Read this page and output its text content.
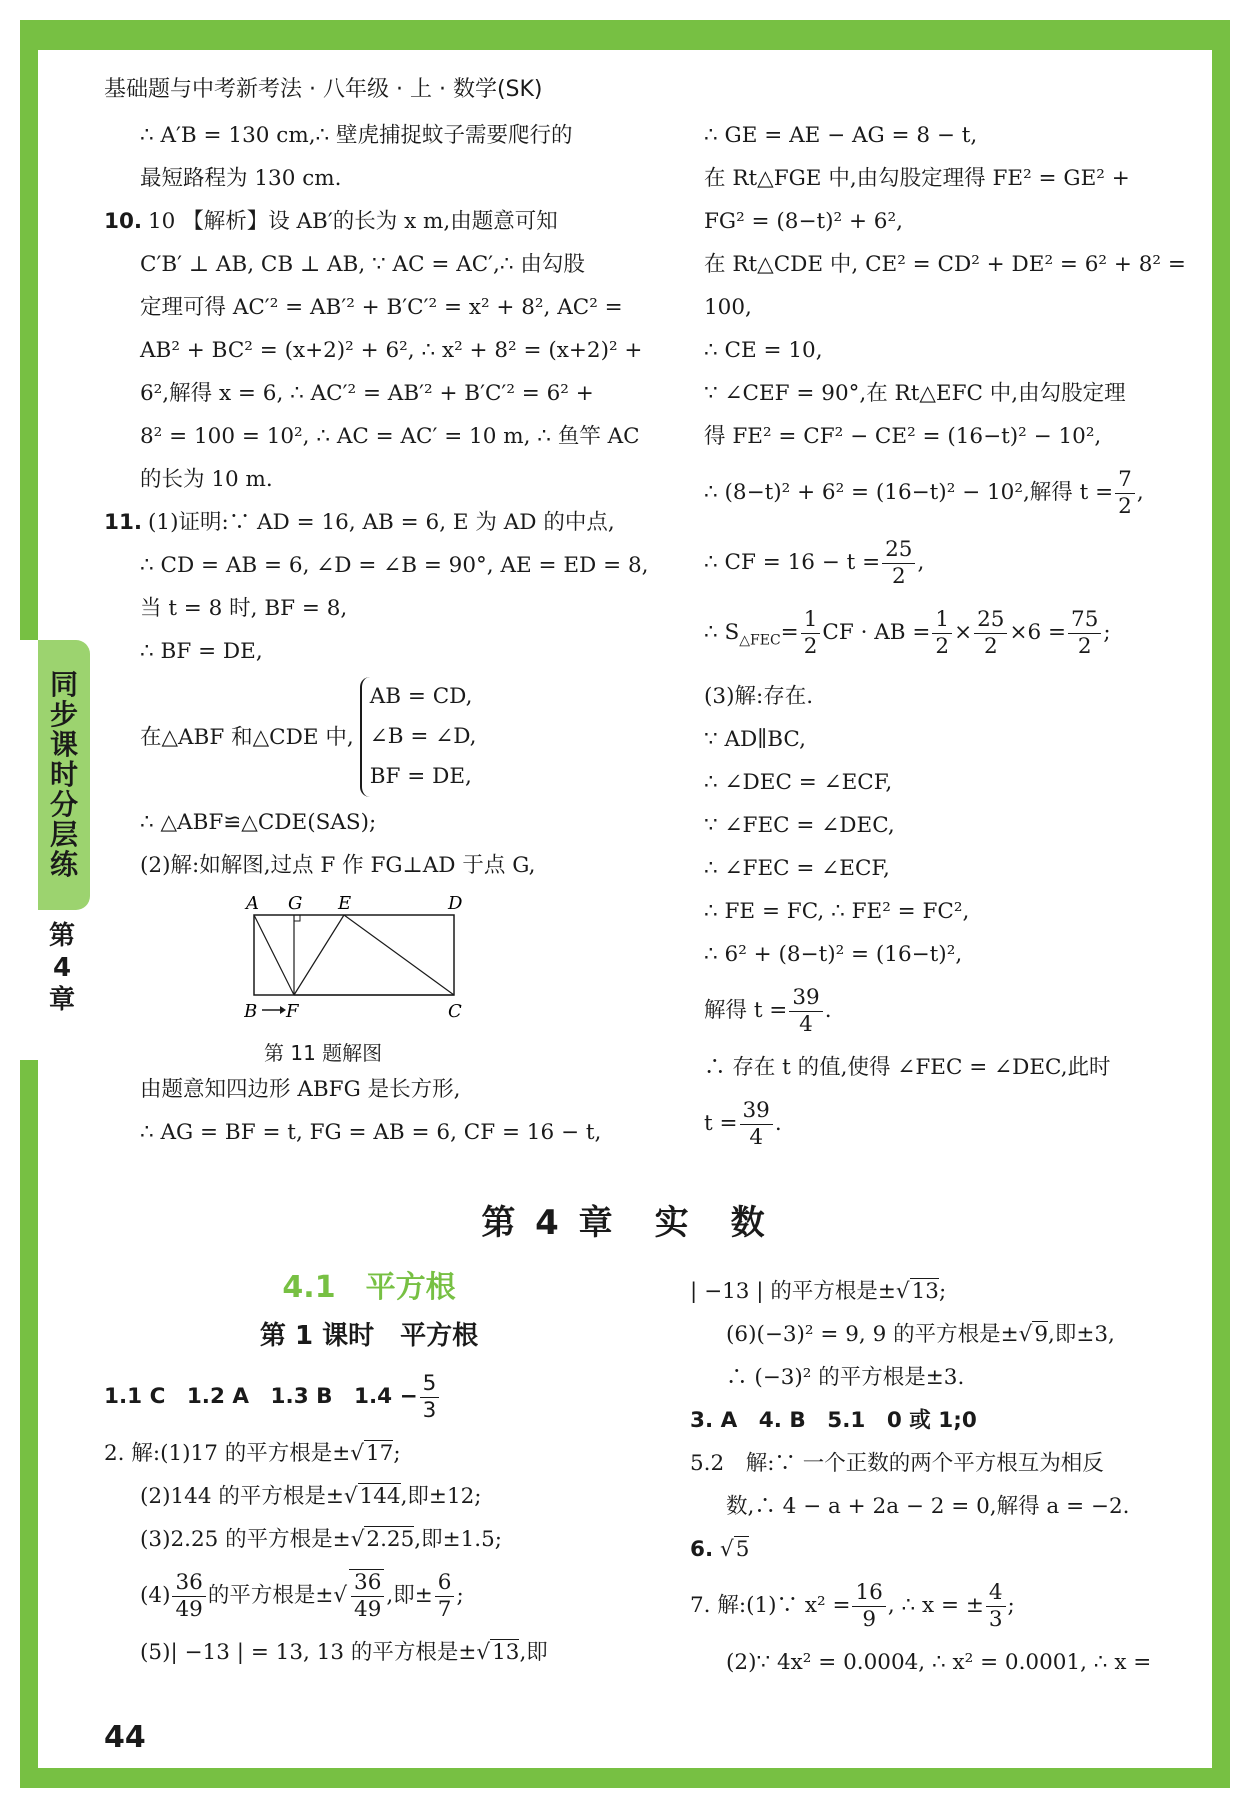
同
步
课
时
分
层
练
第
4
章
基础题与中考新考法 · 八年级 · 上 · 数学(SK)
∴ A′B = 130 cm,∴ 壁虎捕捉蚊子需要爬行的
最短路程为 130 cm.
10. 10 【解析】设 AB′的长为 x m,由题意可知
C′B′ ⊥ AB, CB ⊥ AB, ∵ AC = AC′,∴ 由勾股
定理可得 AC′² = AB′² + B′C′² = x² + 8², AC² =
AB² + BC² = (x+2)² + 6², ∴ x² + 8² = (x+2)² +
6²,解得 x = 6, ∴ AC′² = AB′² + B′C′² = 6² +
8² = 100 = 10², ∴ AC = AC′ = 10 m, ∴ 鱼竿 AC
的长为 10 m.
11. (1)证明:∵ AD = 16, AB = 6, E 为 AD 的中点,
∴ CD = AB = 6, ∠D = ∠B = 90°, AE = ED = 8,
当 t = 8 时, BF = 8,
∴ BF = DE,
在△ABF 和△CDE 中,
AB = CD,
∠B = ∠D,
BF = DE,
∴ △ABF≌△CDE(SAS);
(2)解:如解图,过点 F 作 FG⊥AD 于点 G,
A G E	D
B F	C
第 11 题解图
由题意知四边形 ABFG 是长方形,
∴ AG = BF = t, FG = AB = 6, CF = 16 − t,
∴ GE = AE − AG = 8 − t,
在 Rt△FGE 中,由勾股定理得 FE² = GE² +
FG² = (8−t)² + 6²,
在 Rt△CDE 中, CE² = CD² + DE² = 6² + 8² =
100,
∴ CE = 10,
∵ ∠CEF = 90°,在 Rt△EFC 中,由勾股定理
得 FE² = CF² − CE² = (16−t)² − 10²,
∴ (8−t)² + 6² = (16−t)² − 10²,解得 $t = \frac{7}{2}$ ,
∴ CF = $16 - t = \frac{25}{2}$ ,
∴ $S_{\triangle FEC}= \frac{1}{2}$ CF · AB = $\frac{1}{2} \times \frac{25}{2} \times 6 = \frac{75}{2}$ ;
(3)解:存在.
∵ AD∥BC,
∴ ∠DEC = ∠ECF,
∵ ∠FEC = ∠DEC,
∴ ∠FEC = ∠ECF,
∴ FE = FC, ∴ FE² = FC²,
∴ 6² + (8−t)² = (16−t)²,
解得 $t = \frac{39}{4}$ .
∴ 存在 t 的值,使得 ∠FEC = ∠DEC,此时
$t = \frac{39}{4}$ .
第 4 章　实　数
4.1　平方根
第 1 课时　平方根
1.1 C　1.2 A　1.3 B　$1.4 - \frac{5}{3}$
2. 解:(1)17 的平方根是±√17;
(2)144 的平方根是±√144,即±12;
(3)2.25 的平方根是±√2.25,即±1.5;
$(4) \frac{36}{49}$ 的平方根是±√ $\frac{36}{49}$ ,即± $\frac{6}{7}$ ;
(5)| −13 | = 13, 13 的平方根是±√13,即
| −13 | 的平方根是±√13;
(6)(−3)² = 9, 9 的平方根是±√9,即±3,
∴ (−3)² 的平方根是±3.
3. A　4. B　5.1　0 或 1;0
5.2　解:∵ 一个正数的两个平方根互为相反
数,∴ 4 − a + 2a − 2 = 0,解得 a = −2.
6. √5
7. 解:(1)∵ $x^2 = \frac{16}{9}$ , ∴ x = ± $\frac{4}{3}$ ;
(2)∵ 4x² = 0.0004, ∴ x² = 0.0001, ∴ x =
44
